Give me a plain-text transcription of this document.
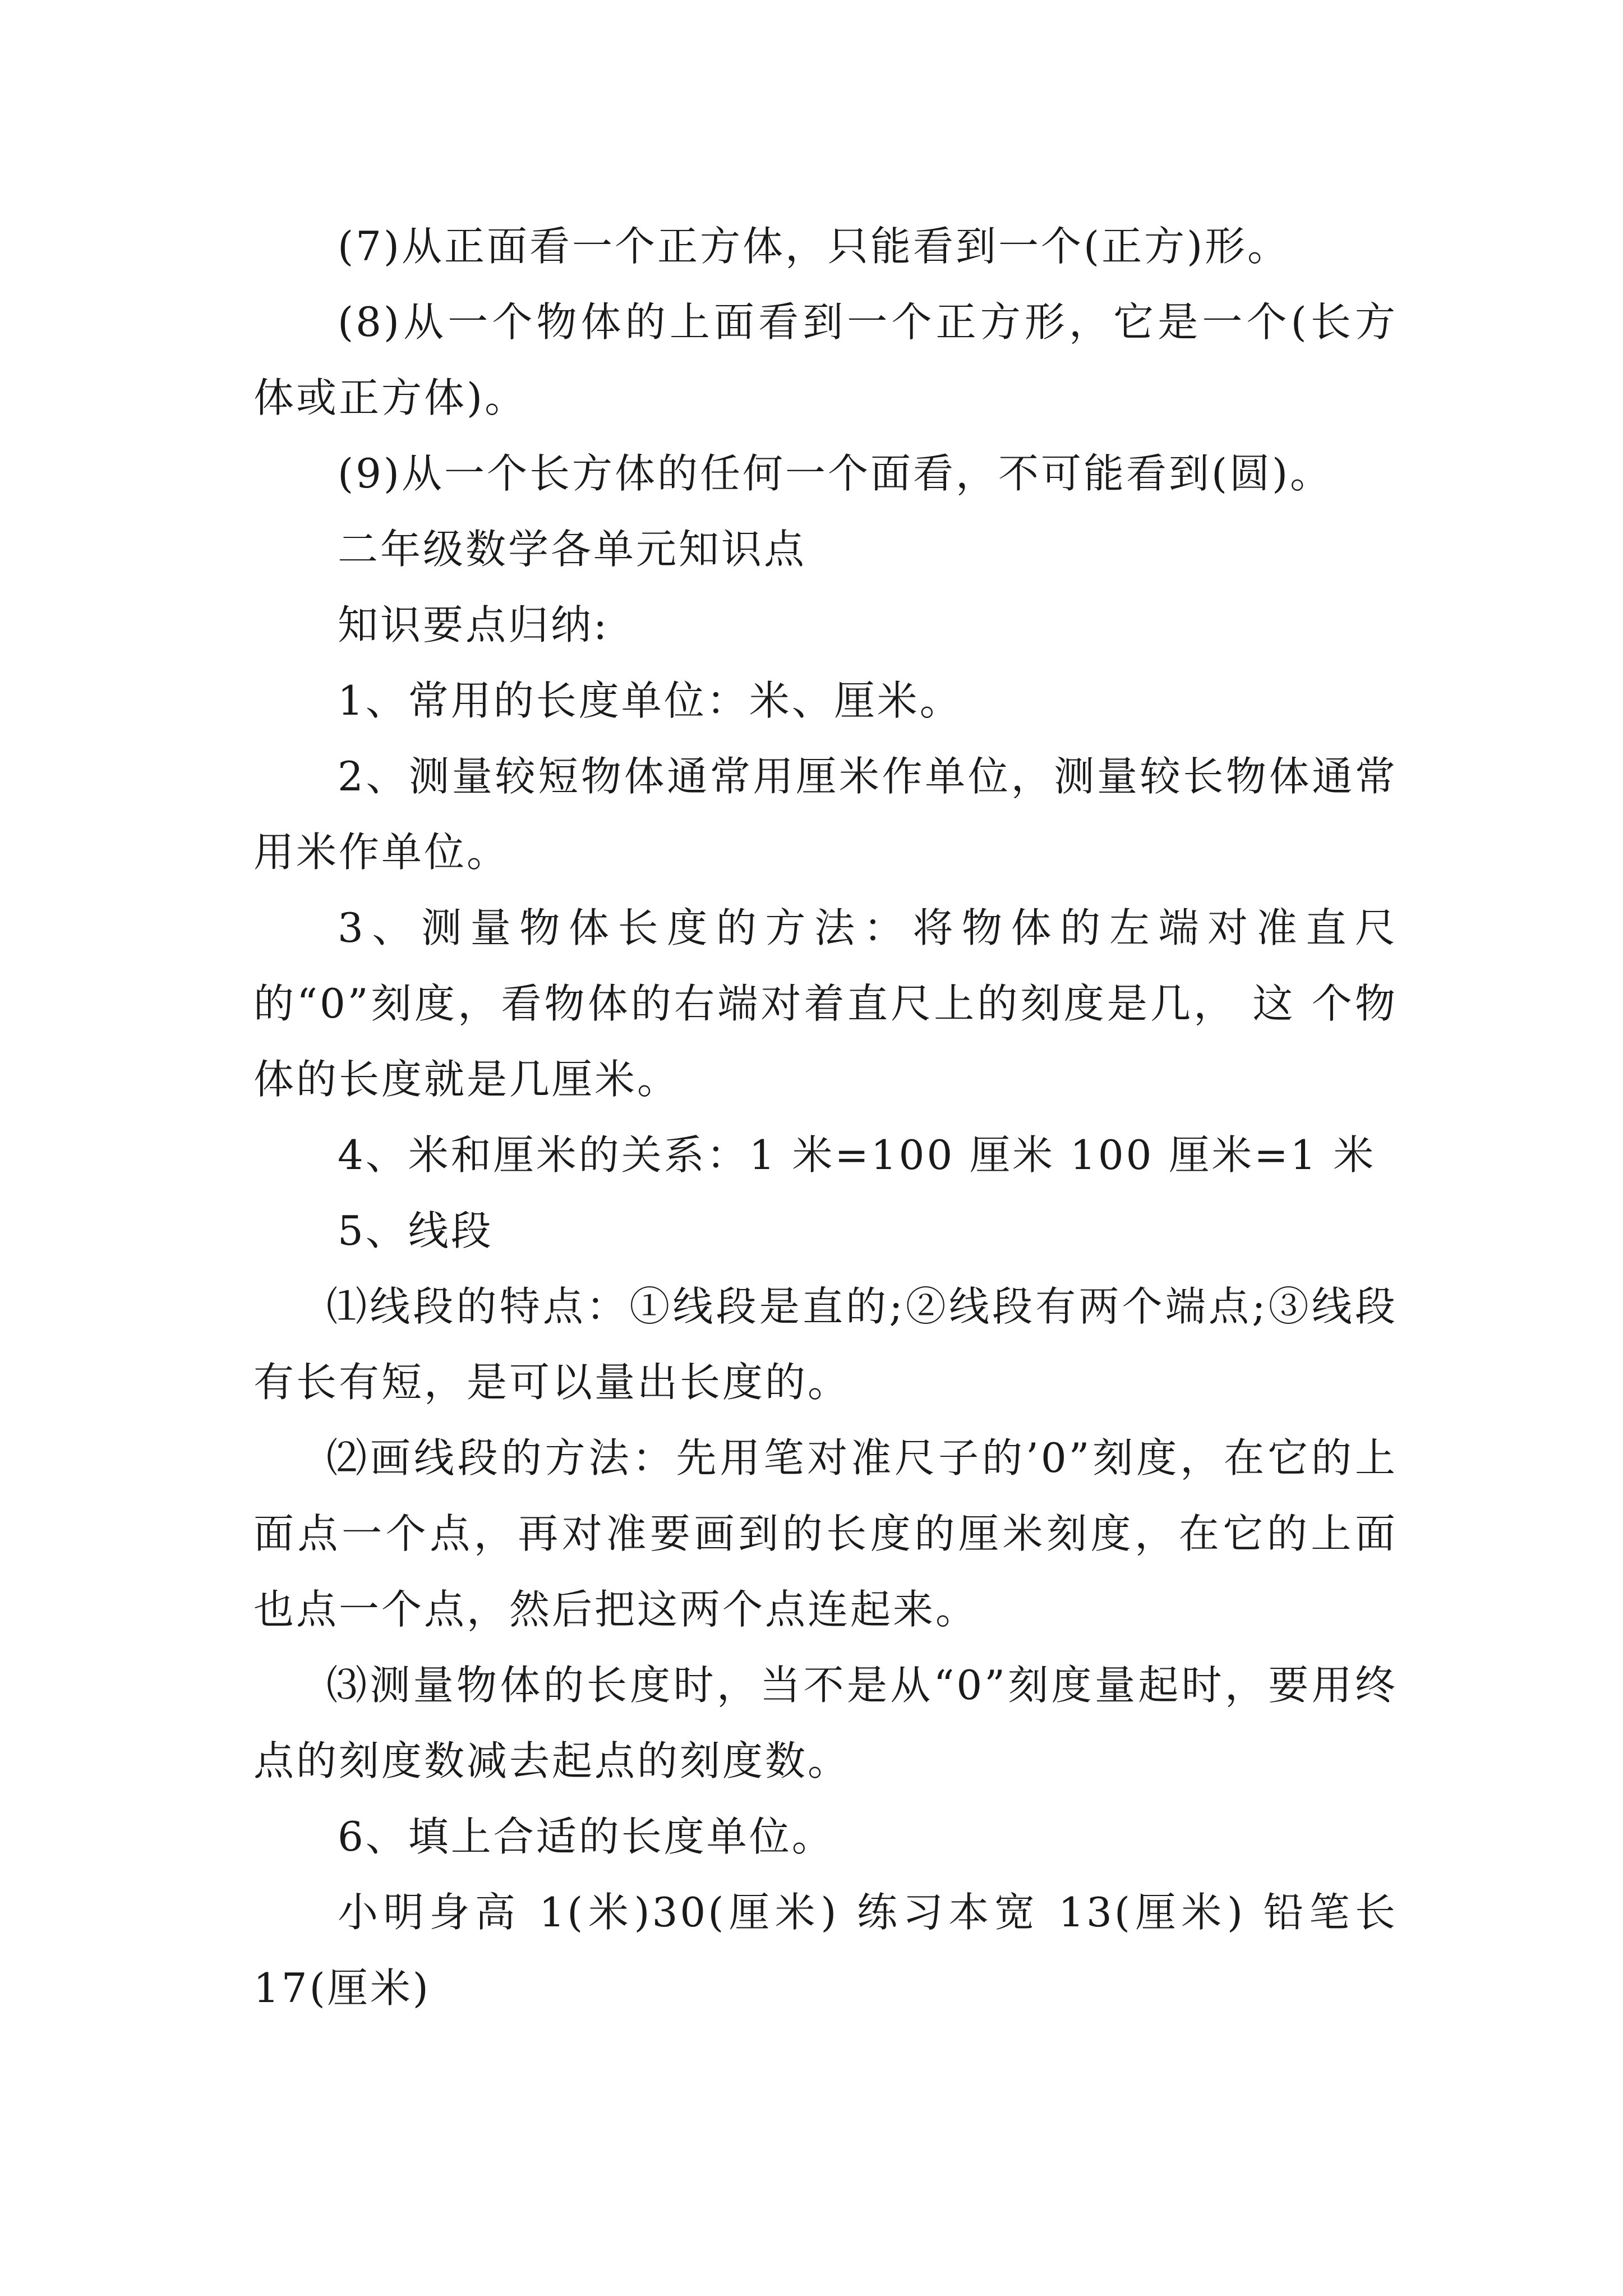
(7)从正面看一个正方体，只能看到一个(正方)形。

(8)从一个物体的上面看到一个正方形，它是一个(长方体或正方体)。

(9)从一个长方体的任何一个面看，不可能看到(圆)。

二年级数学各单元知识点

知识要点归纳:

1、常用的长度单位：米、厘米。

2、测量较短物体通常用厘米作单位，测量较长物体通常用米作单位。

3、测量物体长度的方法：将物体的左端对准直尺的“0”刻度，看物体的右端对着直尺上的刻度是几， 这 个物体的长度就是几厘米。

4、米和厘米的关系：1 米=100 厘米 100 厘米=1 米

5、线段

⑴线段的特点：①线段是直的;②线段有两个端点;③线段有长有短，是可以量出长度的。

⑵画线段的方法：先用笔对准尺子的’0”刻度，在它的上面点一个点，再对准要画到的长度的厘米刻度，在它的上面也点一个点，然后把这两个点连起来。

⑶测量物体的长度时，当不是从“0”刻度量起时，要用终点的刻度数减去起点的刻度数。

6、填上合适的长度单位。

小明身高 1(米)30(厘米) 练习本宽 13(厘米) 铅笔长 17(厘米)
